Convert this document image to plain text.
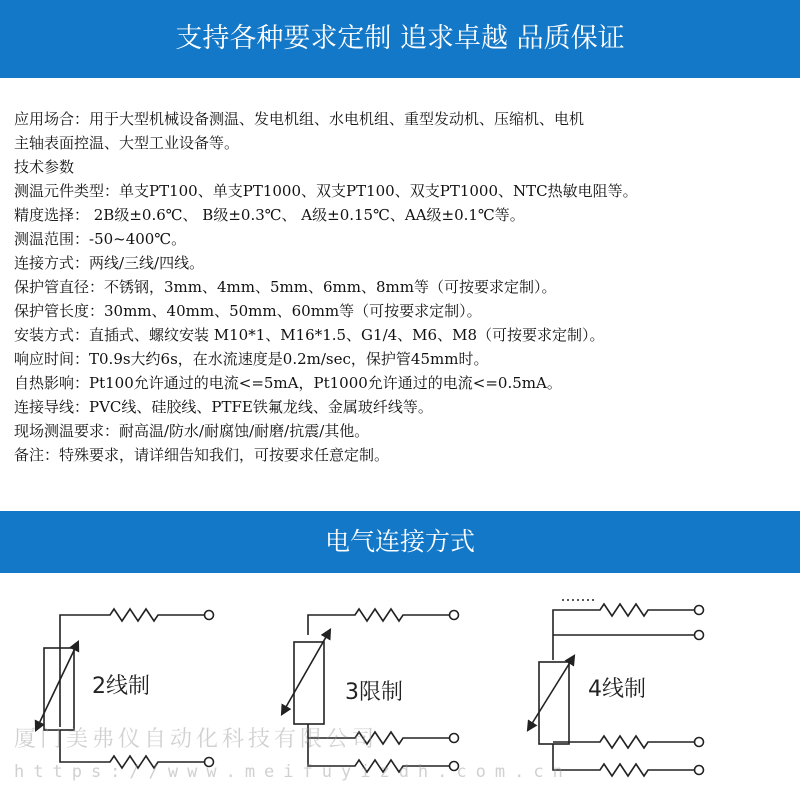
支持各种要求定制 追求卓越 品质保证
应用场合：用于大型机械设备测温、发电机组、水电机组、重型发动机、压缩机、电机
主轴表面控温、大型工业设备等。
技术参数
测温元件类型：单支PT100、单支PT1000、双支PT100、双支PT1000、NTC热敏电阻等。
精度选择： 2B级±0.6℃、 B级±0.3℃、 A级±0.15℃、AA级±0.1℃等。
测温范围：-50~400℃。
连接方式：两线/三线/四线。
保护管直径：不锈钢，3mm、4mm、5mm、6mm、8mm等（可按要求定制）。
保护管长度：30mm、40mm、50mm、60mm等（可按要求定制）。
安装方式：直插式、螺纹安装 M10*1、M16*1.5、G1/4、M6、M8（可按要求定制）。
响应时间：T0.9s大约6s，在水流速度是0.2m/sec，保护管45mm时。
自热影响：Pt100允许通过的电流<=5mA，Pt1000允许通过的电流<=0.5mA。
连接导线：PVC线、硅胶线、PTFE铁氟龙线、金属玻纤线等。
现场测温要求：耐高温/防水/耐腐蚀/耐磨/抗震/其他。
备注：特殊要求，请详细告知我们，可按要求任意定制。
电气连接方式
2线制	3限制	4线制
厦门美弗仪自动化科技有限公司
https://www.meifuyizdh.com.cn
